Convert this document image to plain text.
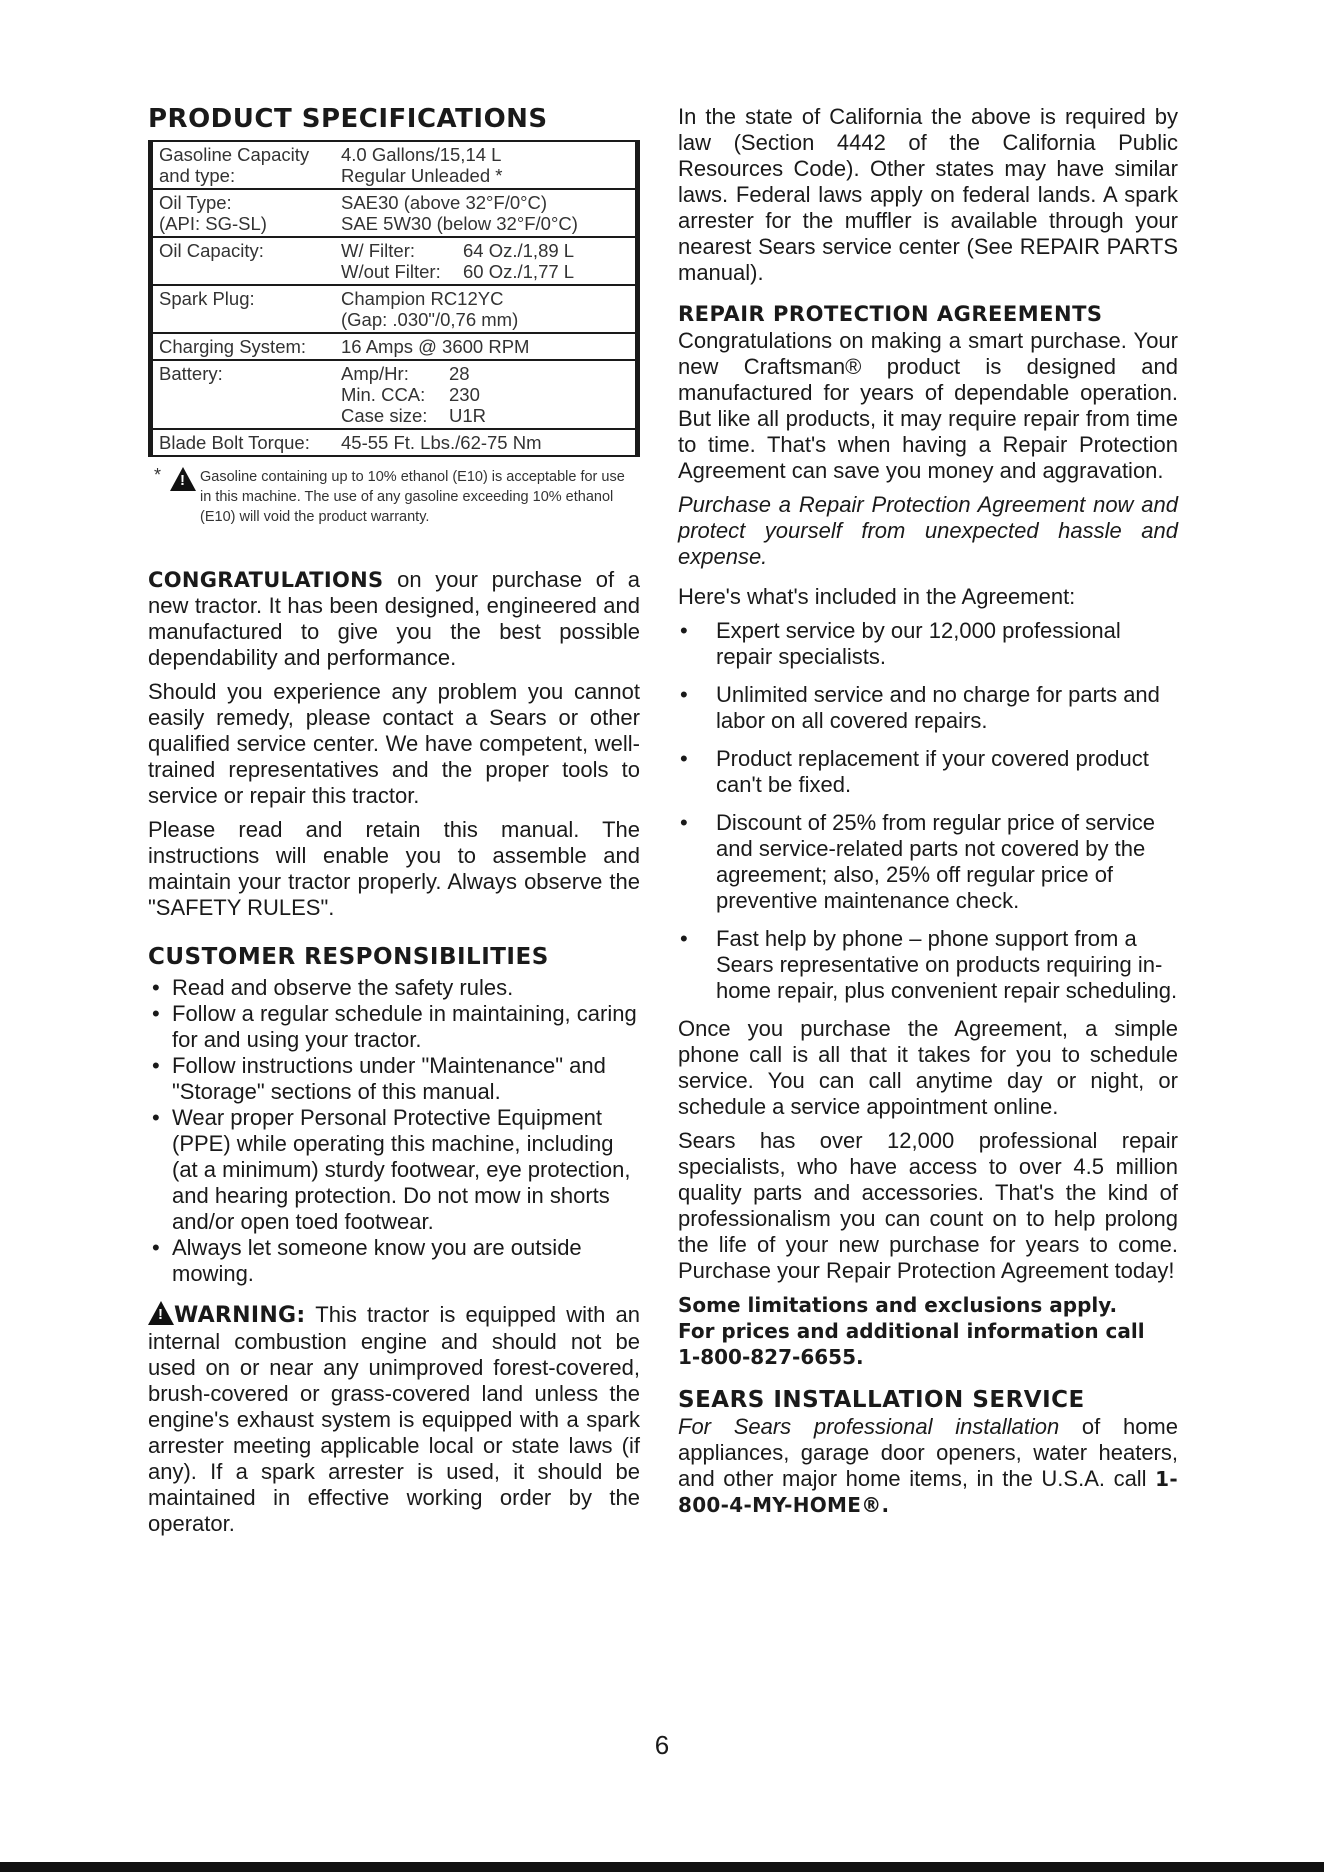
PRODUCT SPECIFICATIONS
Gasoline Capacity
and type:	4.0 Gallons/15,14 L
Regular Unleaded *

Oil Type:
(API: SG-SL)	SAE30 (above 32°F/0°C)
SAE 5W30 (below 32°F/0°C)

Oil Capacity:	W/ Filter: 64 Oz./1,89 L
W/out Filter: 60 Oz./1,77 L

Spark Plug:	Champion RC12YC
(Gap: .030"/0,76 mm)

Charging System:	16 Amps @ 3600 RPM

Battery:	Amp/Hr: 28
Min. CCA: 230
Case size: U1R

Blade Bolt Torque:	45-55 Ft. Lbs./62-75 Nm
* !	Gasoline containing up to 10% ethanol (E10) is acceptable for use in this machine. The use of any gasoline exceeding 10% ethanol (E10) will void the product warranty.

CONGRATULATIONS on your purchase of a new tractor. It has been designed, engineered and manufactured to give you the best possible dependability and performance.

Should you experience any problem you cannot easily remedy, please contact a Sears or other qualified service center. We have competent, well-trained representatives and the proper tools to service or repair this tractor.

Please read and retain this manual. The instructions will enable you to assemble and maintain your tractor properly. Always observe the "SAFETY RULES".

CUSTOMER RESPONSIBILITIES
• Read and observe the safety rules.
• Follow a regular schedule in maintaining, caring for and using your tractor.
• Follow instructions under "Maintenance" and "Storage" sections of this manual.
• Wear proper Personal Protective Equipment (PPE) while operating this machine, including (at a minimum) sturdy footwear, eye protection, and hearing protection. Do not mow in shorts and/or open toed footwear.
• Always let someone know you are outside mowing.

!WARNING: This tractor is equipped with an internal combustion engine and should not be used on or near any unimproved forest-covered, brush-covered or grass-covered land unless the engine's exhaust system is equipped with a spark arrester meeting applicable local or state laws (if any). If a spark arrester is used, it should be maintained in effective working order by the operator.

In the state of California the above is required by law (Section 4442 of the California Public Resources Code). Other states may have similar laws. Federal laws apply on federal lands. A spark arrester for the muffler is available through your nearest Sears service center (See REPAIR PARTS manual).

REPAIR PROTECTION AGREEMENTS

Congratulations on making a smart purchase. Your new Craftsman® product is designed and manufactured for years of dependable operation. But like all products, it may require repair from time to time. That's when having a Repair Protection Agreement can save you money and aggravation.

Purchase a Repair Protection Agreement now and protect yourself from unexpected hassle and expense.

Here's what's included in the Agreement:

• Expert service by our 12,000 professional repair specialists.
• Unlimited service and no charge for parts and labor on all covered repairs.
• Product replacement if your covered product can't be fixed.
• Discount of 25% from regular price of service and service-related parts not covered by the agreement; also, 25% off regular price of preventive maintenance check.
• Fast help by phone – phone support from a Sears representative on products requiring in-home repair, plus convenient repair scheduling.

Once you purchase the Agreement, a simple phone call is all that it takes for you to schedule service. You can call anytime day or night, or schedule a service appointment online.

Sears has over 12,000 professional repair specialists, who have access to over 4.5 million quality parts and accessories. That's the kind of professionalism you can count on to help prolong the life of your new purchase for years to come. Purchase your Repair Protection Agreement today!

Some limitations and exclusions apply.

For prices and additional information call

1-800-827-6655.

SEARS INSTALLATION SERVICE

For Sears professional installation of home appliances, garage door openers, water heaters, and other major home items, in the U.S.A. call 1-800-4-MY-HOME®.

6
